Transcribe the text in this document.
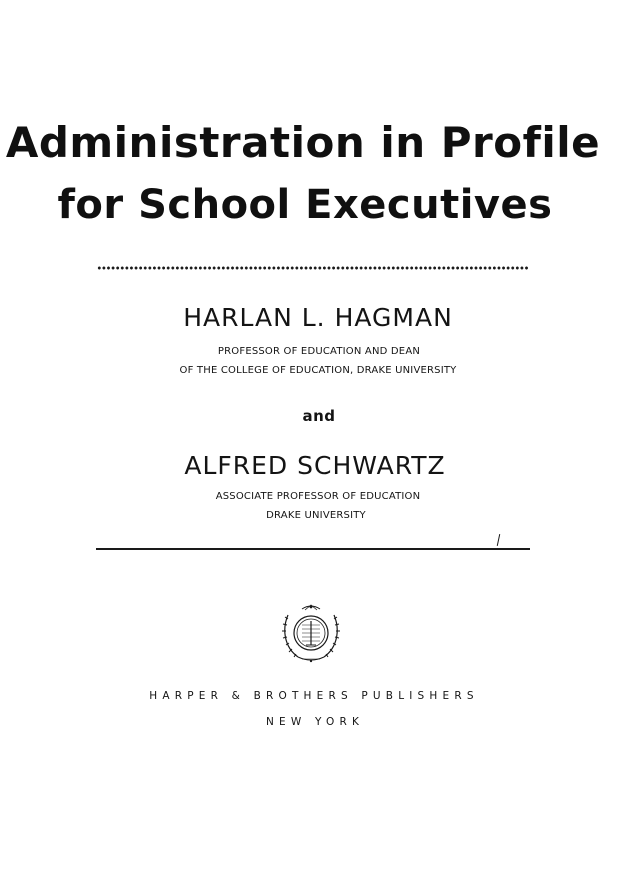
Administration in Profile
for School Executives
HARLAN L. HAGMAN
PROFESSOR OF EDUCATION AND DEAN
OF THE COLLEGE OF EDUCATION, DRAKE UNIVERSITY
and
ALFRED SCHWARTZ
ASSOCIATE PROFESSOR OF EDUCATION
DRAKE UNIVERSITY
HARPER & BROTHERS PUBLISHERS
NEW YORK
